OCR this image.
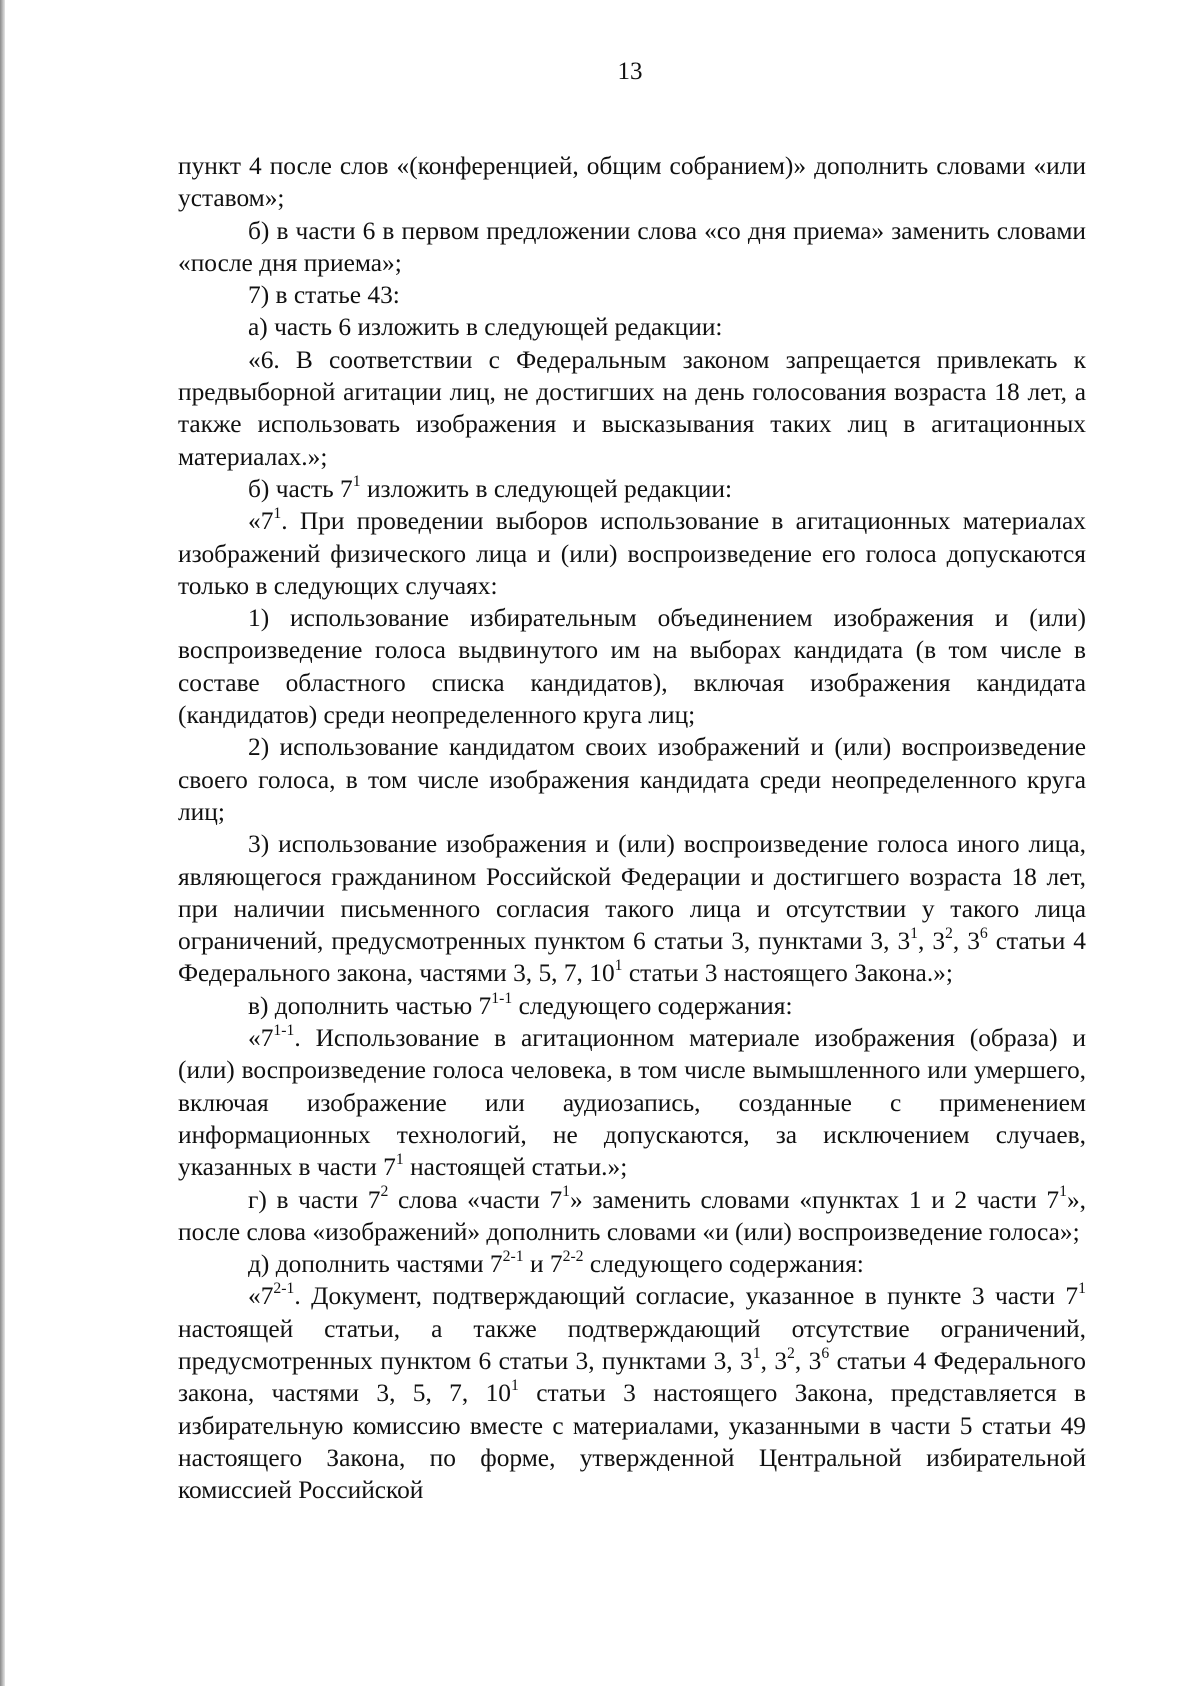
13

пункт 4 после слов «(конференцией, общим собранием)» дополнить словами «или уставом»;

б) в части 6 в первом предложении слова «со дня приема» заменить словами «после дня приема»;

7) в статье 43:

а) часть 6 изложить в следующей редакции:

«6. В соответствии с Федеральным законом запрещается привлекать к предвыборной агитации лиц, не достигших на день голосования возраста 18 лет, а также использовать изображения и высказывания таких лиц в агитационных материалах.»;

б) часть $7^1$ изложить в следующей редакции:

«$7^1$. При проведении выборов использование в агитационных материалах изображений физического лица и (или) воспроизведение его голоса допускаются только в следующих случаях:

1) использование избирательным объединением изображения и (или) воспроизведение голоса выдвинутого им на выборах кандидата (в том числе в составе областного списка кандидатов), включая изображения кандидата (кандидатов) среди неопределенного круга лиц;

2) использование кандидатом своих изображений и (или) воспроизведение своего голоса, в том числе изображения кандидата среди неопределенного круга лиц;

3) использование изображения и (или) воспроизведение голоса иного лица, являющегося гражданином Российской Федерации и достигшего возраста 18 лет, при наличии письменного согласия такого лица и отсутствии у такого лица ограничений, предусмотренных пунктом 6 статьи 3, пунктами 3, $3^1$, $3^2$, $3^6$ статьи 4 Федерального закона, частями 3, 5, 7, $10^1$ статьи 3 настоящего Закона.»;

в) дополнить частью 7$^{1-1}$ следующего содержания:

«7$^{1-1}$. Использование в агитационном материале изображения (образа) и (или) воспроизведение голоса человека, в том числе вымышленного или умершего, включая изображение или аудиозапись, созданные с применением информационных технологий, не допускаются, за исключением случаев, указанных в части $7^1$ настоящей статьи.»;

г) в части $7^2$ слова «части $7^1$» заменить словами «пунктах 1 и 2 части $7^1$», после слова «изображений» дополнить словами «и (или) воспроизведение голоса»;

д) дополнить частями 7$^{2-1}$ и 7$^{2-2}$ следующего содержания:

«7$^{2-1}$. Документ, подтверждающий согласие, указанное в пункте 3 части $7^1$ настоящей статьи, а также подтверждающий отсутствие ограничений, предусмотренных пунктом 6 статьи 3, пунктами 3, $3^1$, $3^2$, $3^6$ статьи 4 Федерального закона, частями 3, 5, 7, $10^1$ статьи 3 настоящего Закона, представляется в избирательную комиссию вместе с материалами, указанными в части 5 статьи 49 настоящего Закона, по форме, утвержденной Центральной избирательной комиссией Российской
